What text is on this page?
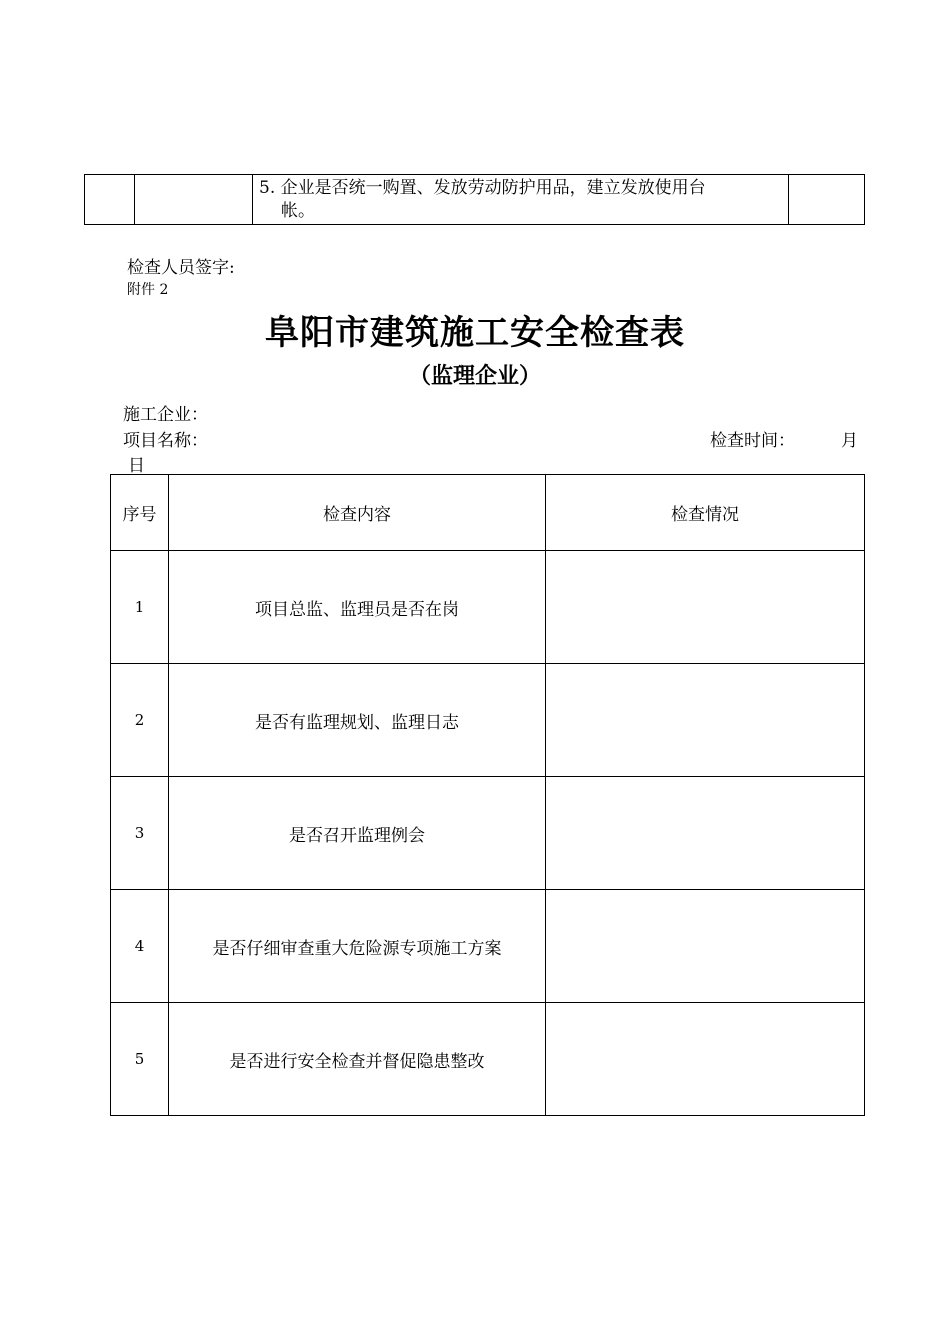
5. 企业是否统一购置、发放劳动防护用品，建立发放使用台
帐。

检查人员签字:
附件 2
阜阳市建筑施工安全检查表
（监理企业）
施工企业：
项目名称：	检查时间：	月
日
序号	检查内容	检查情况
1	项目总监、监理员是否在岗	
2	是否有监理规划、监理日志	
3	是否召开监理例会	
4	是否仔细审查重大危险源专项施工方案	
5	是否进行安全检查并督促隐患整改	
